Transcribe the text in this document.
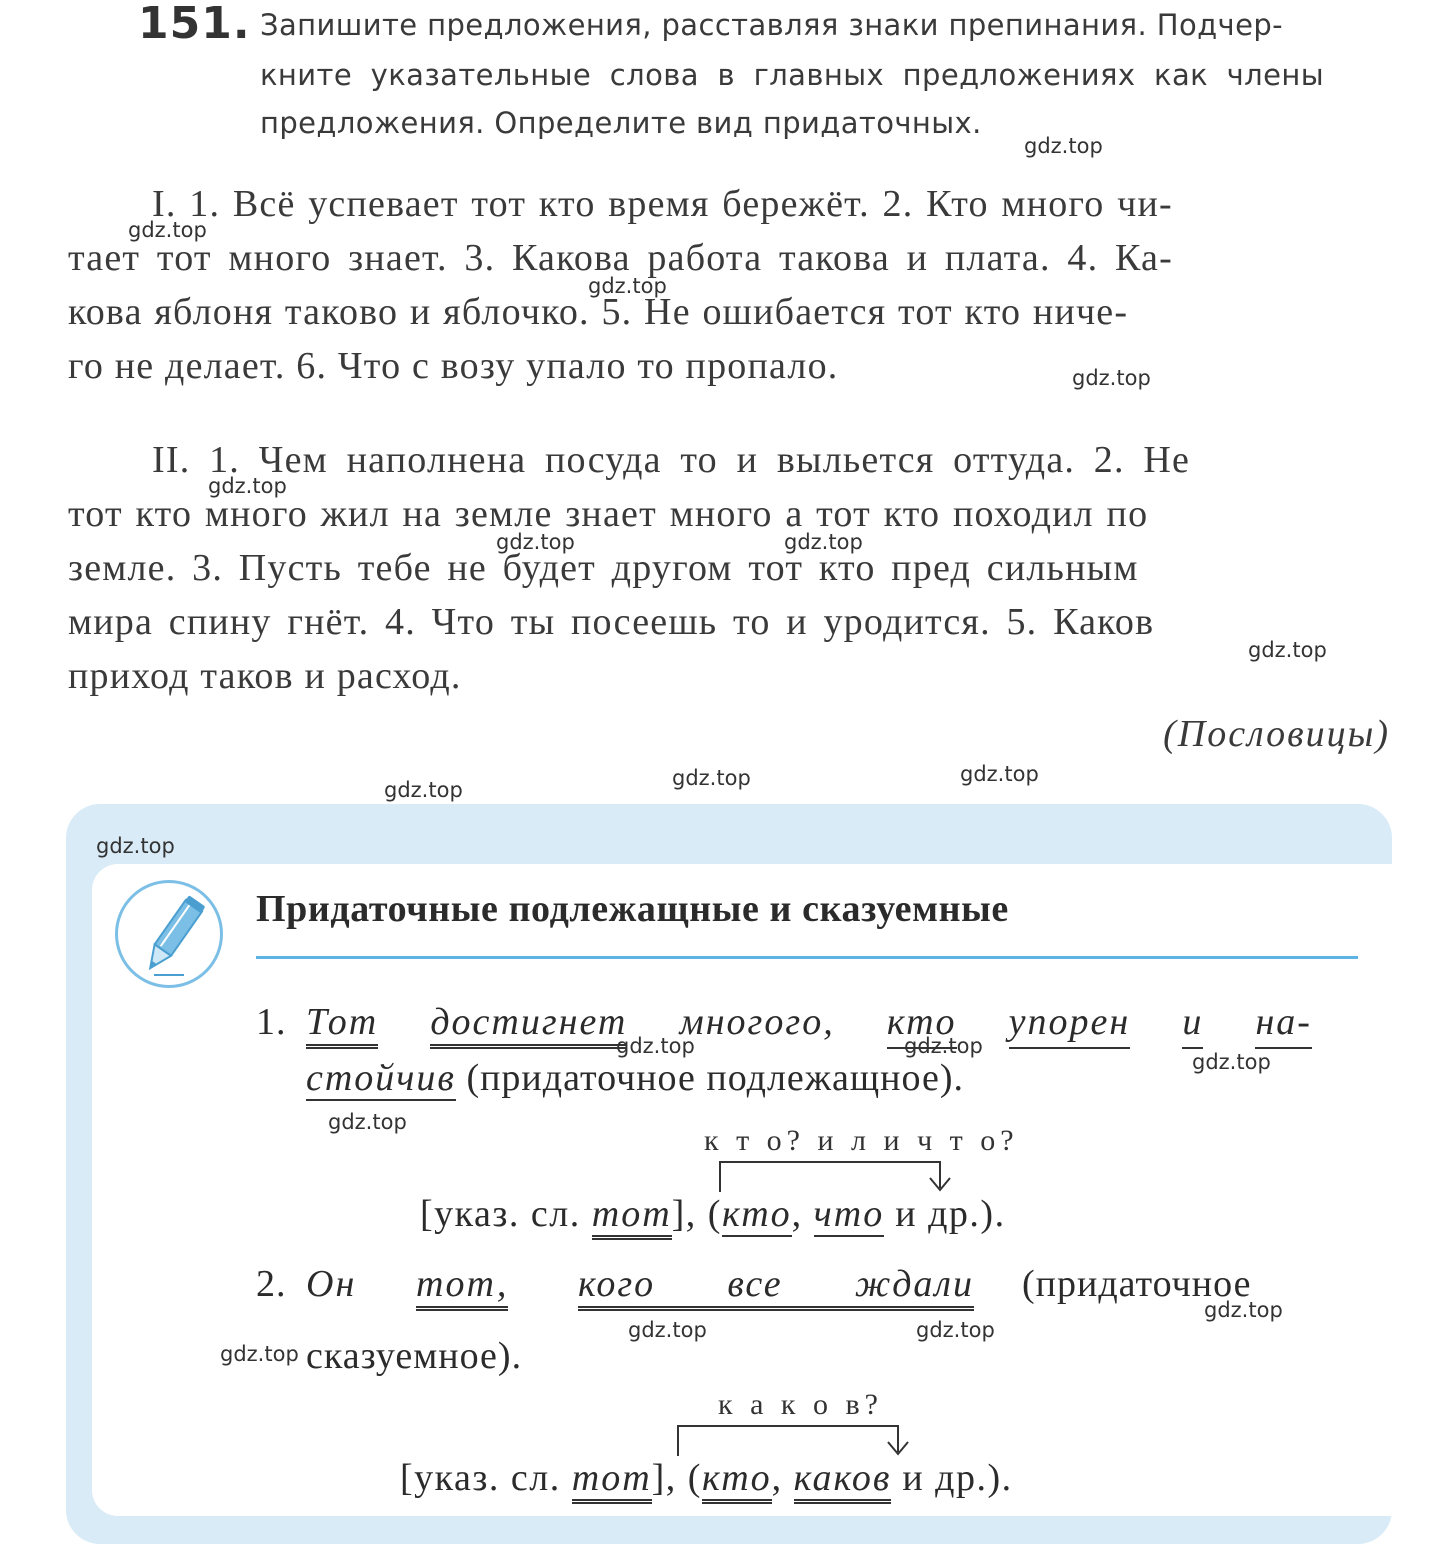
151. Запишите предложения, расставляя знаки препинания. Подчер-
кните указательные слова в главных предложениях как члены
предложения. Определите вид придаточных.
I. 1. Всё успевает тот кто время бережёт. 2. Кто много чи-
тает тот много знает. 3. Какова работа такова и плата. 4. Ка-
кова яблоня таково и яблочко. 5. Не ошибается тот кто ниче-
го не делает. 6. Что с возу упало то пропало.
II. 1. Чем наполнена посуда то и выльется оттуда. 2. Не
тот кто много жил на земле знает много а тот кто походил по
земле. 3. Пусть тебе не будет другом тот кто пред сильным
мира спину гнёт. 4. Что ты посеешь то и уродится. 5. Каков
приход таков и расход.
(Пословицы)
Придаточные подлежащные и сказуемные
1. Тот достигнет многого, кто упорен и на-
стойчив (придаточное подлежащное).
к т о? и л и ч т о?
[указ. сл. тот], (кто, что и др.).
2. Он тот, кого все ждали (придаточное
сказуемное).
к а к о в?
[указ. сл. тот], (кто, каков и др.).
gdz.top
gdz.top
gdz.top
gdz.top
gdz.top
gdz.top	gdz.top
gdz.top
gdz.top	gdz.top	gdz.top
gdz.top
gdz.top	gdz.top
gdz.top
gdz.top
gdz.top
gdz.top	gdz.top
gdz.top
